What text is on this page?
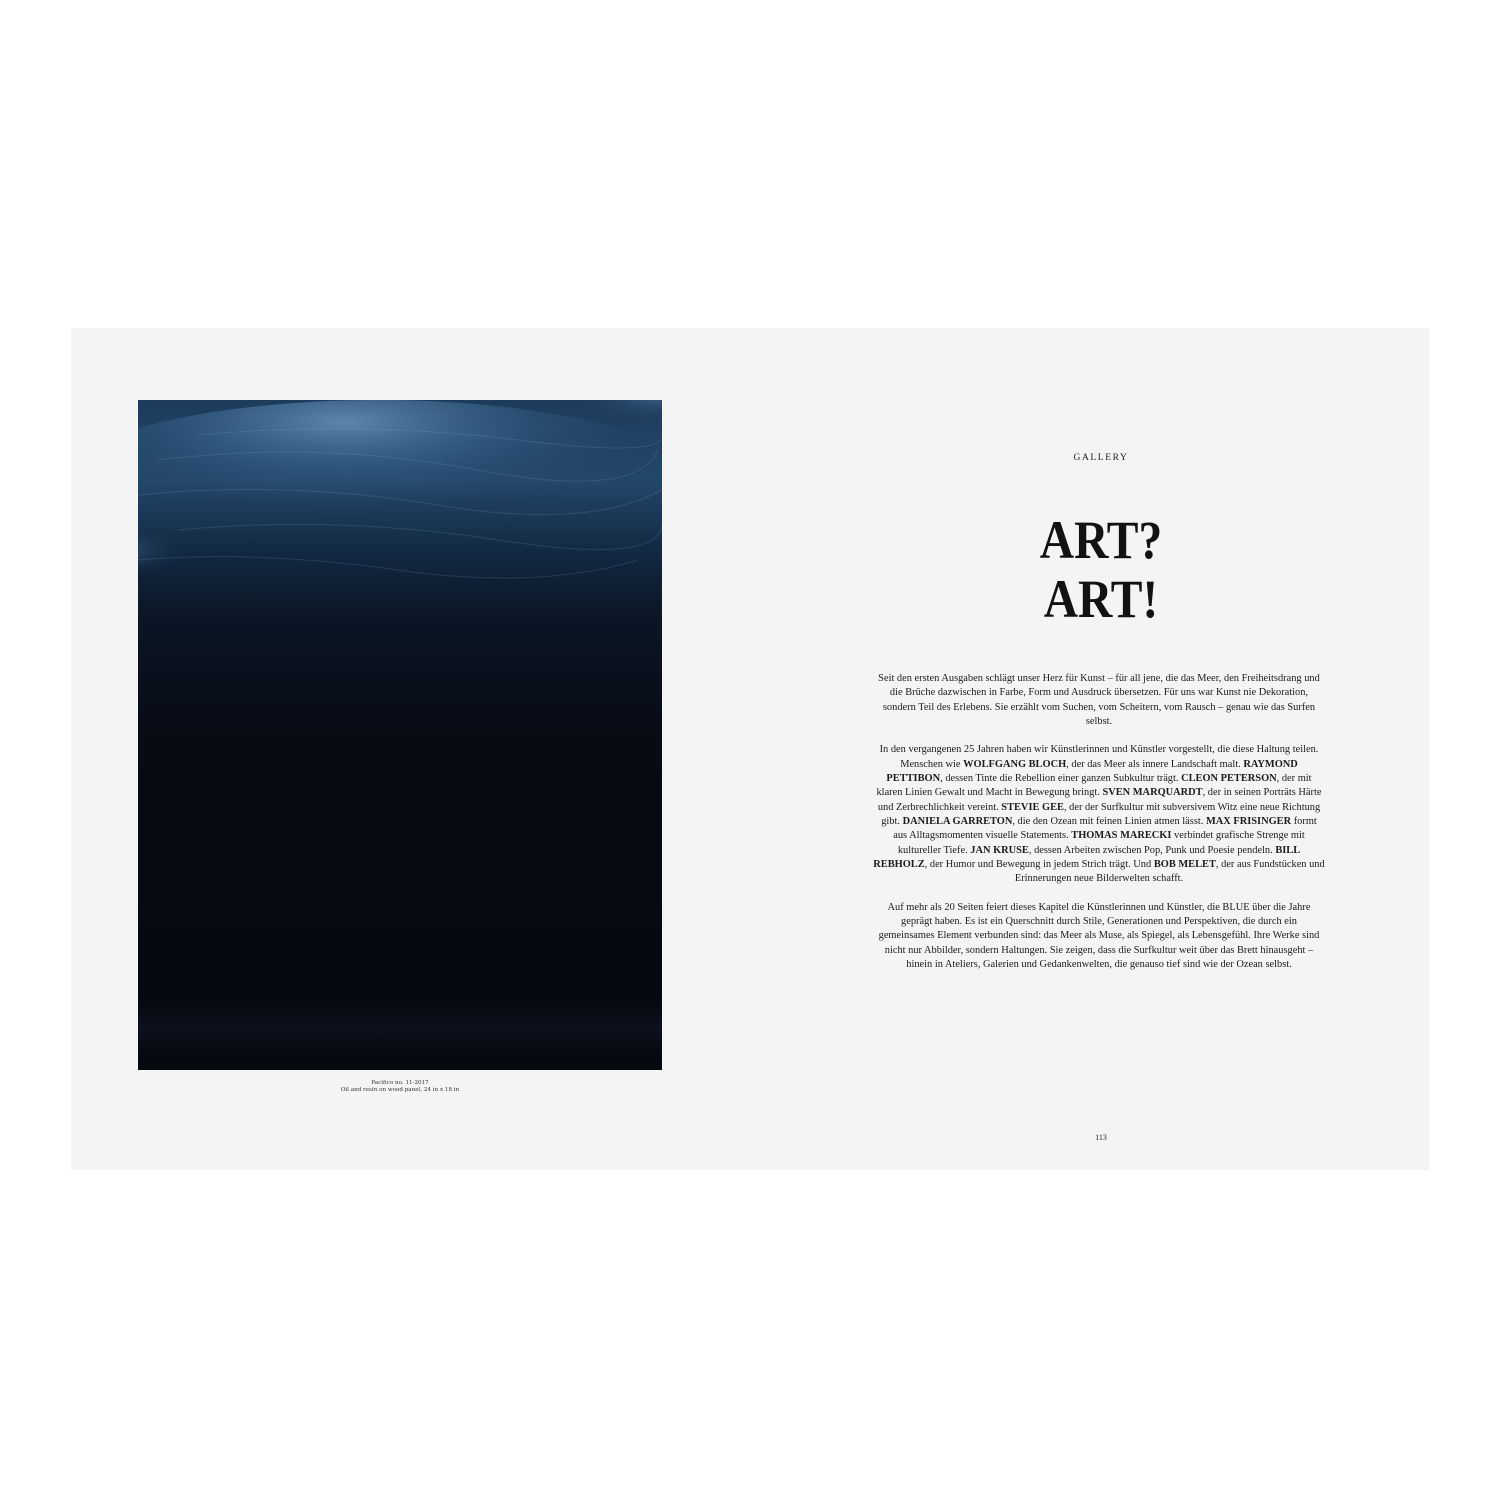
Pacifico no. 11-2017
Oil and resin on wood panel, 24 in x 18 in
GALLERY
ART?
ART!

Seit den ersten Ausgaben schlägt unser Herz für Kunst – für all jene, die das Meer, den Freiheitsdrang und die Brüche dazwischen in Farbe, Form und Ausdruck übersetzen. Für uns war Kunst nie Dekoration, sondern Teil des Erlebens. Sie erzählt vom Suchen, vom Scheitern, vom Rausch – genau wie das Surfen selbst.

In den vergangenen 25 Jahren haben wir Künstlerinnen und Künstler vorgestellt, die diese Haltung teilen. Menschen wie WOLFGANG BLOCH, der das Meer als innere Landschaft malt. RAYMOND PETTIBON, dessen Tinte die Rebellion einer ganzen Subkultur trägt. CLEON PETERSON, der mit klaren Linien Gewalt und Macht in Bewegung bringt. SVEN MARQUARDT, der in seinen Porträts Härte und Zerbrechlichkeit vereint. STEVIE GEE, der der Surfkultur mit subversivem Witz eine neue Richtung gibt. DANIELA GARRETON, die den Ozean mit feinen Linien atmen lässt. MAX FRISINGER formt aus Alltagsmomenten visuelle Statements. THOMAS MARECKI verbindet grafische Strenge mit kultureller Tiefe. JAN KRUSE, dessen Arbeiten zwischen Pop, Punk und Poesie pendeln. BILL REBHOLZ, der Humor und Bewegung in jedem Strich trägt. Und BOB MELET, der aus Fundstücken und Erinnerungen neue Bilderwelten schafft.

Auf mehr als 20 Seiten feiert dieses Kapitel die Künstlerinnen und Künstler, die BLUE über die Jahre geprägt haben. Es ist ein Querschnitt durch Stile, Generationen und Perspektiven, die durch ein gemeinsames Element verbunden sind: das Meer als Muse, als Spiegel, als Lebensgefühl. Ihre Werke sind nicht nur Abbilder, sondern Haltungen. Sie zeigen, dass die Surfkultur weit über das Brett hinausgeht – hinein in Ateliers, Galerien und Gedankenwelten, die genauso tief sind wie der Ozean selbst.

113
